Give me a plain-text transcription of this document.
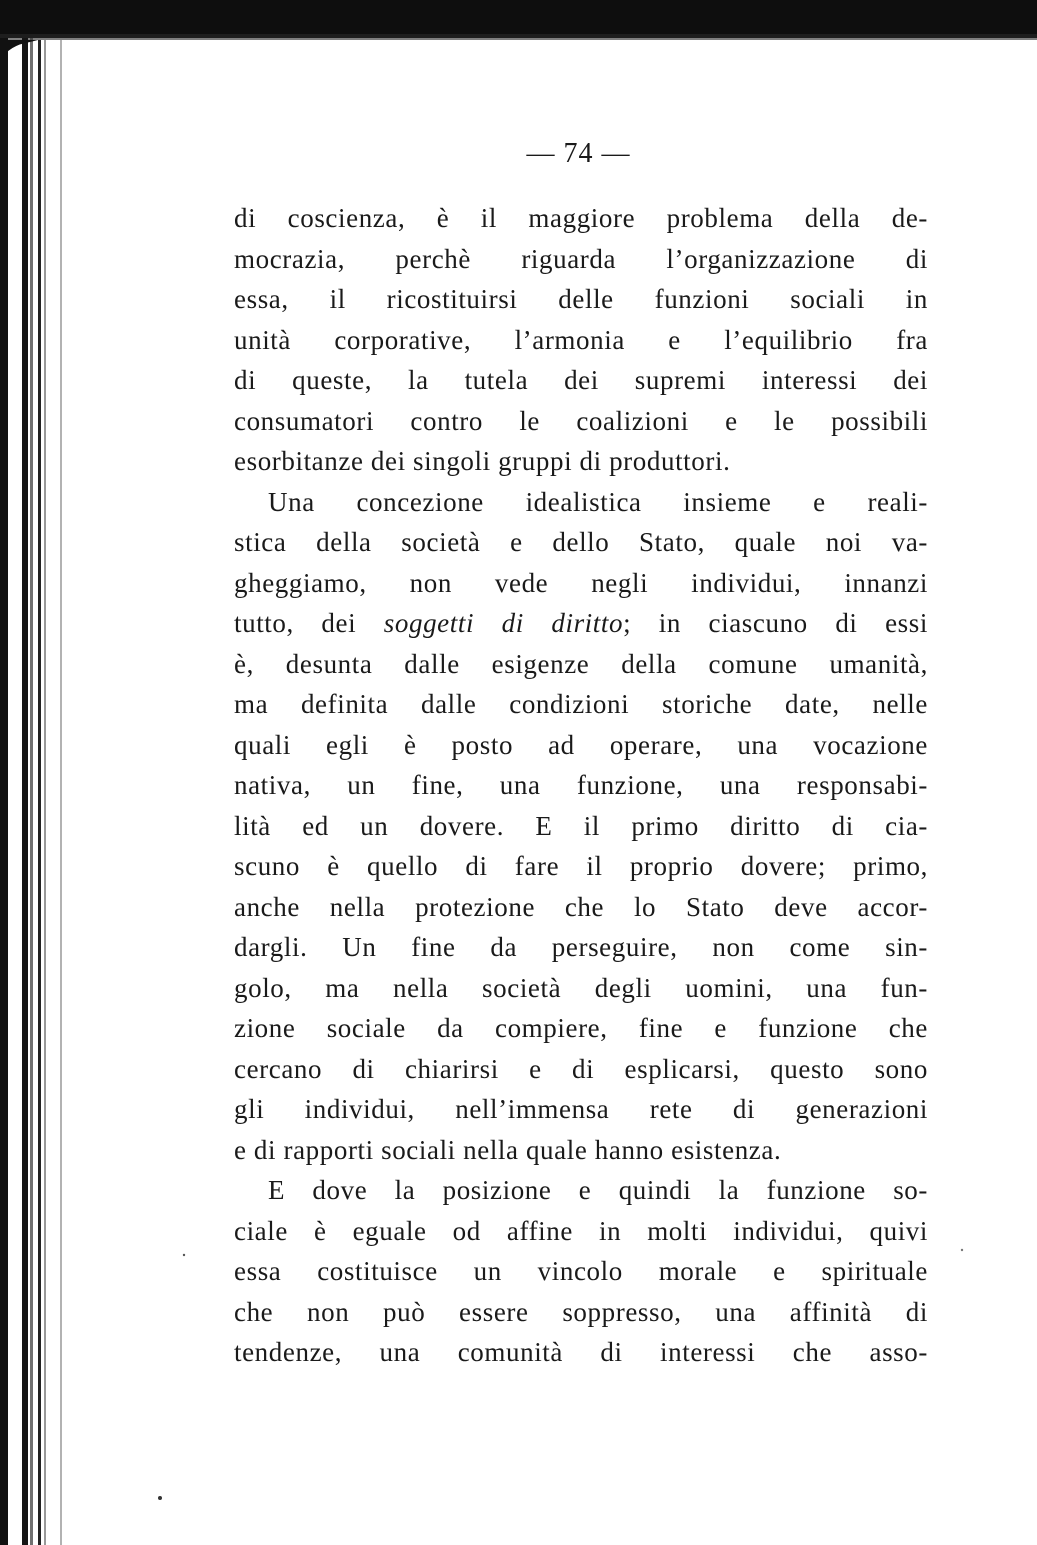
— 74 —
di coscienza, è il maggiore problema della de-
mocrazia, perchè riguarda l’organizzazione di
essa, il ricostituirsi delle funzioni sociali in
unità corporative, l’armonia e l’equilibrio fra
di queste, la tutela dei supremi interessi dei
consumatori contro le coalizioni e le possibili
esorbitanze dei singoli gruppi di produttori.
Una concezione idealistica insieme e reali-
stica della società e dello Stato, quale noi va-
gheggiamo, non vede negli individui, innanzi
tutto, dei soggetti di diritto; in ciascuno di essi
è, desunta dalle esigenze della comune umanità,
ma definita dalle condizioni storiche date, nelle
quali egli è posto ad operare, una vocazione
nativa, un fine, una funzione, una responsabi-
lità ed un dovere. E il primo diritto di cia-
scuno è quello di fare il proprio dovere; primo,
anche nella protezione che lo Stato deve accor-
dargli. Un fine da perseguire, non come sin-
golo, ma nella società degli uomini, una fun-
zione sociale da compiere, fine e funzione che
cercano di chiarirsi e di esplicarsi, questo sono
gli individui, nell’immensa rete di generazioni
e di rapporti sociali nella quale hanno esistenza.
E dove la posizione e quindi la funzione so-
ciale è eguale od affine in molti individui, quivi
essa costituisce un vincolo morale e spirituale
che non può essere soppresso, una affinità di
tendenze, una comunità di interessi che asso-
